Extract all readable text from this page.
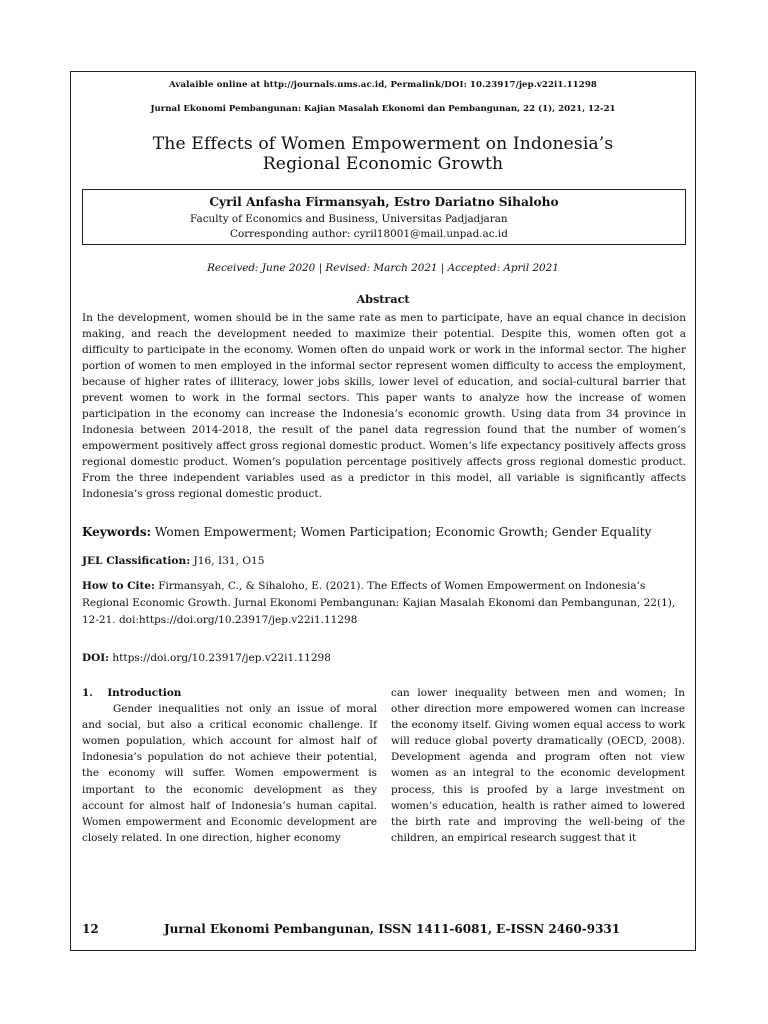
Avalaible online at http://journals.ums.ac.id, Permalink/DOI: 10.23917/jep.v22i1.11298
Jurnal Ekonomi Pembangunan: Kajian Masalah Ekonomi dan Pembangunan, 22 (1), 2021, 12-21
The Effects of Women Empowerment on Indonesia’s
Regional Economic Growth
Cyril Anfasha Firmansyah, Estro Dariatno Sihaloho
Faculty of Economics and Business, Universitas Padjadjaran
Corresponding author: cyril18001@mail.unpad.ac.id
Received: June 2020 | Revised: March 2021 | Accepted: April 2021
Abstract

In the development, women should be in the same rate as men to participate, have an equal chance in decision making, and reach the development needed to maximize their potential. Despite this, women often got a difficulty to participate in the economy. Women often do unpaid work or work in the informal sector. The higher portion of women to men employed in the informal sector represent women difficulty to access the employment, because of higher rates of illiteracy, lower jobs skills, lower level of education, and social-cultural barrier that prevent women to work in the formal sectors. This paper wants to analyze how the increase of women participation in the economy can increase the Indonesia’s economic growth. Using data from 34 province in Indonesia between 2014-2018, the result of the panel data regression found that the number of women’s empowerment positively affect gross regional domestic product. Women’s life expectancy positively affects gross regional domestic product. Women’s population percentage positively affects gross regional domestic product. From the three independent variables used as a predictor in this model, all variable is significantly affects Indonesia’s gross regional domestic product.

Keywords: Women Empowerment; Women Participation; Economic Growth; Gender Equality
JEL Classification: J16, I31, O15
How to Cite: Firmansyah, C., & Sihaloho, E. (2021). The Effects of Women Empowerment on Indonesia’s Regional Economic Growth. Jurnal Ekonomi Pembangunan: Kajian Masalah Ekonomi dan Pembangunan, 22(1), 12-21. doi:https://doi.org/10.23917/jep.v22i1.11298
DOI: https://doi.org/10.23917/jep.v22i1.11298
1.    Introduction
Gender inequalities not only an issue of moral and social, but also a critical economic challenge. If women population, which account for almost half of Indonesia’s population do not achieve their potential, the economy will suffer. Women empowerment is important to the economic development as they account for almost half of Indonesia’s human capital. Women empowerment and Economic development are closely related. In one direction, higher economy
can lower inequality between men and women; In other direction more empowered women can increase the economy itself. Giving women equal access to work will reduce global poverty dramatically (OECD, 2008). Development agenda and program often not view women as an integral to the economic development process, this is proofed by a large investment on women’s education, health is rather aimed to lowered the birth rate and improving the well-being of the children, an empirical research suggest that it
12	Jurnal Ekonomi Pembangunan, ISSN 1411-6081, E-ISSN 2460-9331
